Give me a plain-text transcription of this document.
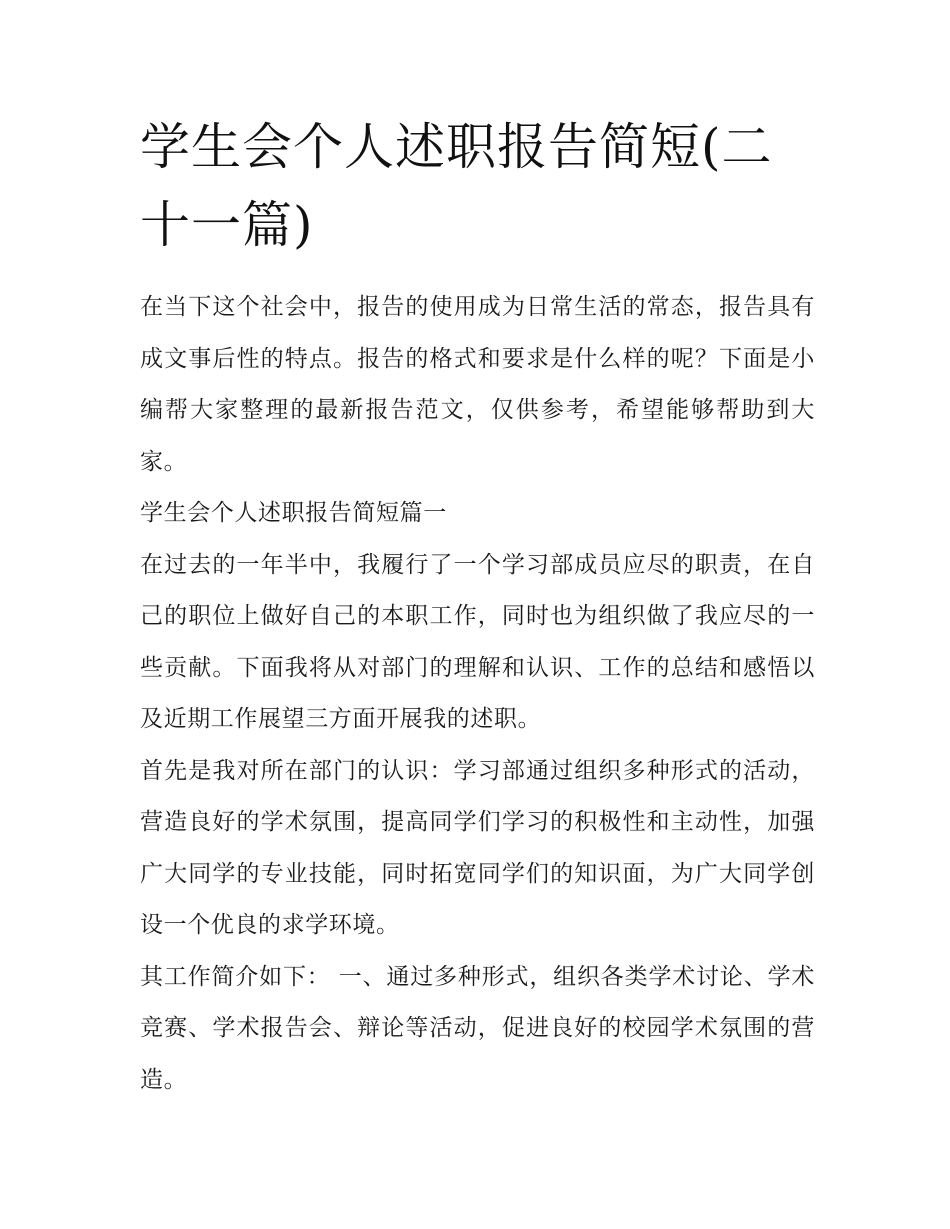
学生会个人述职报告简短(二十一篇)

在当下这个社会中，报告的使用成为日常生活的常态，报告具有成文事后性的特点。报告的格式和要求是什么样的呢？下面是小编帮大家整理的最新报告范文，仅供参考，希望能够帮助到大家。

学生会个人述职报告简短篇一

在过去的一年半中，我履行了一个学习部成员应尽的职责，在自己的职位上做好自己的本职工作，同时也为组织做了我应尽的一些贡献。下面我将从对部门的理解和认识、工作的总结和感悟以及近期工作展望三方面开展我的述职。

首先是我对所在部门的认识：学习部通过组织多种形式的活动，营造良好的学术氛围，提高同学们学习的积极性和主动性，加强广大同学的专业技能，同时拓宽同学们的知识面，为广大同学创设一个优良的求学环境。

其工作简介如下： 一、通过多种形式，组织各类学术讨论、学术竞赛、学术报告会、辩论等活动，促进良好的校园学术氛围的营造。
